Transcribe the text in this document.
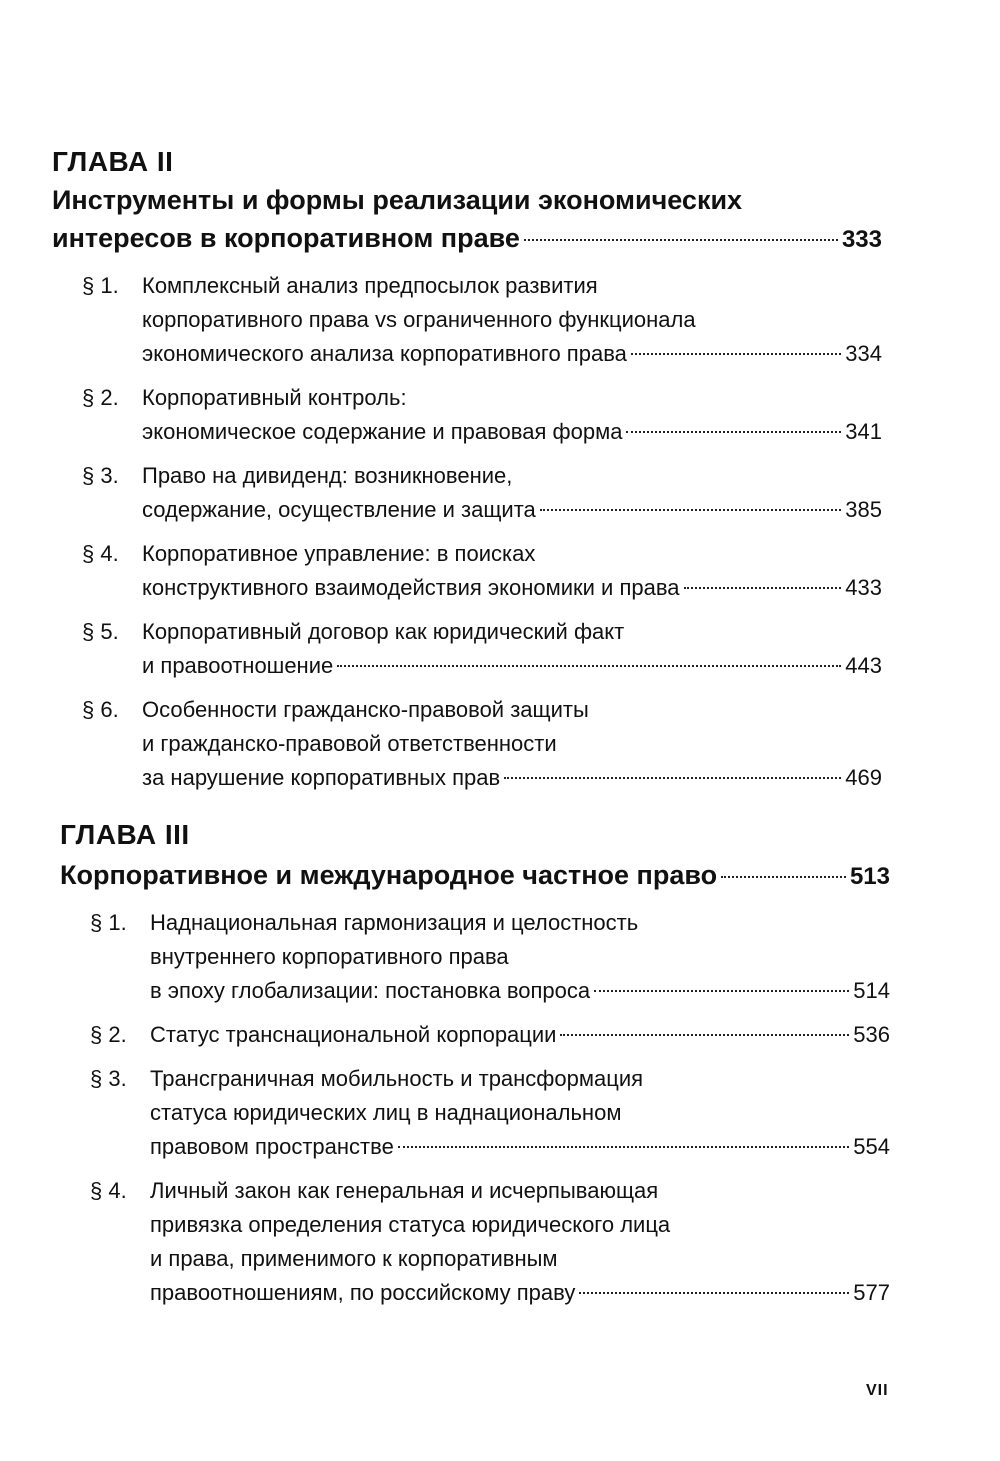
ГЛАВА II
Инструменты и формы реализации экономических
интересов в корпоративном праве	333
§ 1.	Комплексный анализ предпосылок развития
корпоративного права vs ограниченного функционала
экономического анализа корпоративного права	334
§ 2.	Корпоративный контроль:
экономическое содержание и правовая форма	341
§ 3.	Право на дивиденд: возникновение,
содержание, осуществление и защита	385
§ 4.	Корпоративное управление: в поисках
конструктивного взаимодействия экономики и права	433
§ 5.	Корпоративный договор как юридический факт
и правоотношение	443
§ 6.	Особенности гражданско-правовой защиты
и гражданско-правовой ответственности
за нарушение корпоративных прав	469
ГЛАВА III
Корпоративное и международное частное право	513
§ 1.	Наднациональная гармонизация и целостность
внутреннего корпоративного права
в эпоху глобализации: постановка вопроса	514
§ 2.	Статус транснациональной корпорации	536
§ 3.	Трансграничная мобильность и трансформация
статуса юридических лиц в наднациональном
правовом пространстве	554
§ 4.	Личный закон как генеральная и исчерпывающая
привязка определения статуса юридического лица
и права, применимого к корпоративным
правоотношениям, по российскому праву	577
VII
